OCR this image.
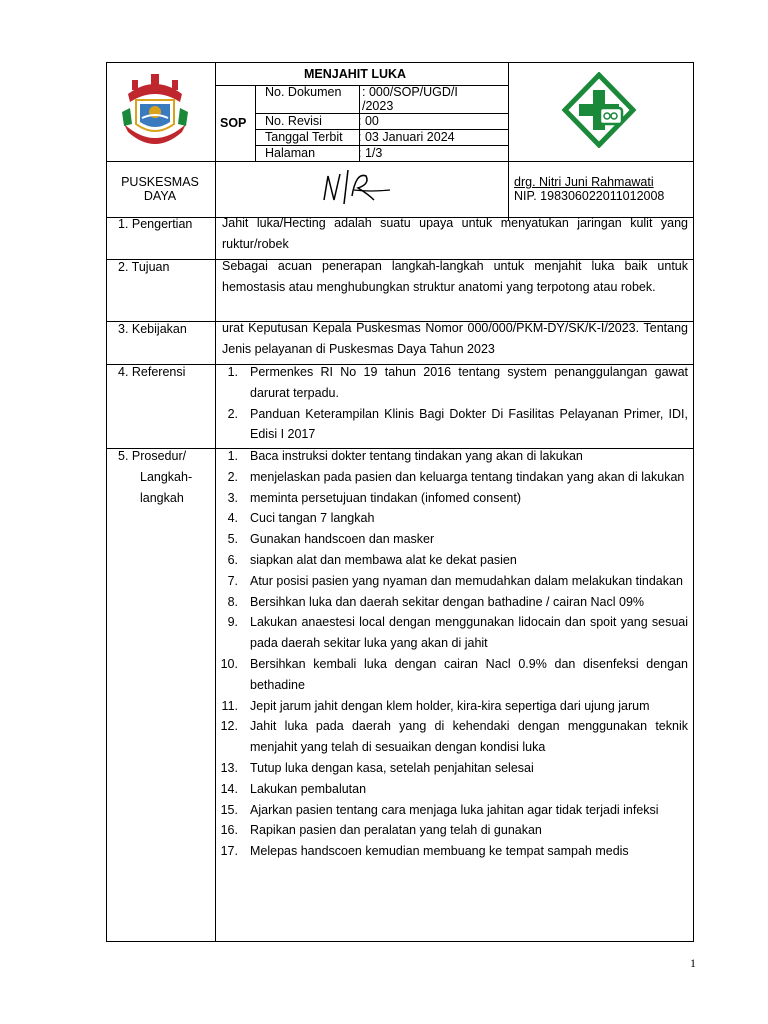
MENJAHIT LUKA
SOP
No. Dokumen : 000/SOP/UGD/I
/2023
No. Revisi	: 00
Tanggal Terbit : 03 Januari 2024
Halaman	: 1/3
PUSKESMAS
DAYA
drg. Nitri Juni Rahmawati
NIP. 198306022011012008
1. Pengertian
2. Tujuan
3. Kebijakan
4. Referensi
5. Prosedur/
Langkah-
langkah
Jahit luka/Hecting adalah suatu upaya untuk menyatukan jaringan kulit yang ruktur/robek
Sebagai acuan penerapan langkah-langkah untuk menjahit luka baik untuk hemostasis atau menghubungkan struktur anatomi yang terpotong atau robek.
urat Keputusan Kepala Puskesmas Nomor 000/000/PKM-DY/SK/K-I/2023. Tentang Jenis pelayanan di Puskesmas Daya Tahun 2023
1. Permenkes RI No 19 tahun 2016 tentang system penanggulangan gawat darurat terpadu.
2. Panduan Keterampilan Klinis Bagi Dokter Di Fasilitas Pelayanan Primer, IDI, Edisi I 2017
1. Baca instruksi dokter tentang tindakan yang akan di lakukan
2. menjelaskan pada pasien dan keluarga tentang tindakan yang akan di lakukan
3. meminta persetujuan tindakan (infomed consent)
4. Cuci tangan 7 langkah
5. Gunakan handscoen dan masker
6. siapkan alat dan membawa alat ke dekat pasien
7. Atur posisi pasien yang nyaman dan memudahkan dalam melakukan tindakan
8. Bersihkan luka dan daerah sekitar dengan bathadine / cairan Nacl 09%
9. Lakukan anaestesi local dengan menggunakan lidocain dan spoit yang sesuai pada daerah sekitar luka yang akan di jahit
10. Bersihkan kembali luka dengan cairan Nacl 0.9% dan disenfeksi dengan bethadine
11. Jepit jarum jahit dengan klem holder, kira-kira sepertiga dari ujung jarum
12. Jahit luka pada daerah yang di kehendaki dengan menggunakan teknik menjahit yang telah di sesuaikan dengan kondisi luka
13. Tutup luka dengan kasa, setelah penjahitan selesai
14. Lakukan pembalutan
15. Ajarkan pasien tentang cara menjaga luka jahitan agar tidak terjadi infeksi
16. Rapikan pasien dan peralatan yang telah di gunakan
17. Melepas handscoen kemudian membuang ke tempat sampah medis
1
